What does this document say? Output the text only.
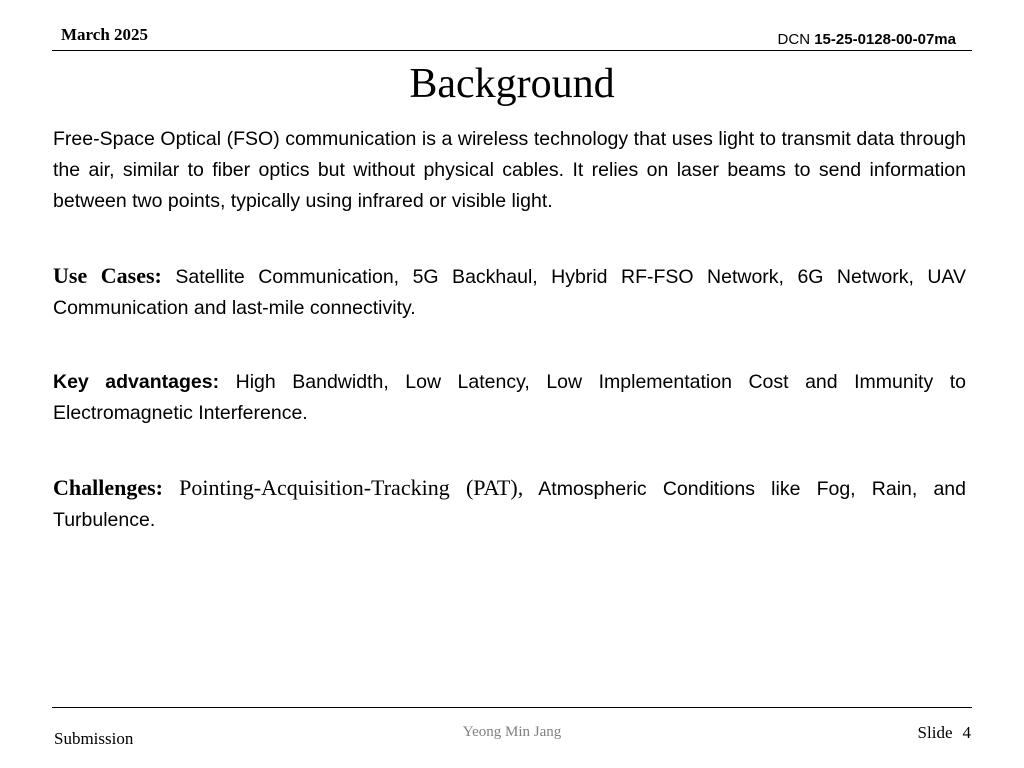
March 2025	DCN 15-25-0128-00-07ma
Background

Free-Space Optical (FSO) communication is a wireless technology that uses light to transmit data through the air, similar to fiber optics but without physical cables. It relies on laser beams to send information between two points, typically using infrared or visible light.

Use Cases: Satellite Communication, 5G Backhaul, Hybrid RF-FSO Network, 6G Network, UAV Communication and last-mile connectivity.

Key advantages: High Bandwidth, Low Latency, Low Implementation Cost and Immunity to Electromagnetic Interference.

Challenges: Pointing-Acquisition-Tracking (PAT), Atmospheric Conditions like Fog, Rain, and Turbulence.

Submission	Yeong Min Jang	Slide 4
